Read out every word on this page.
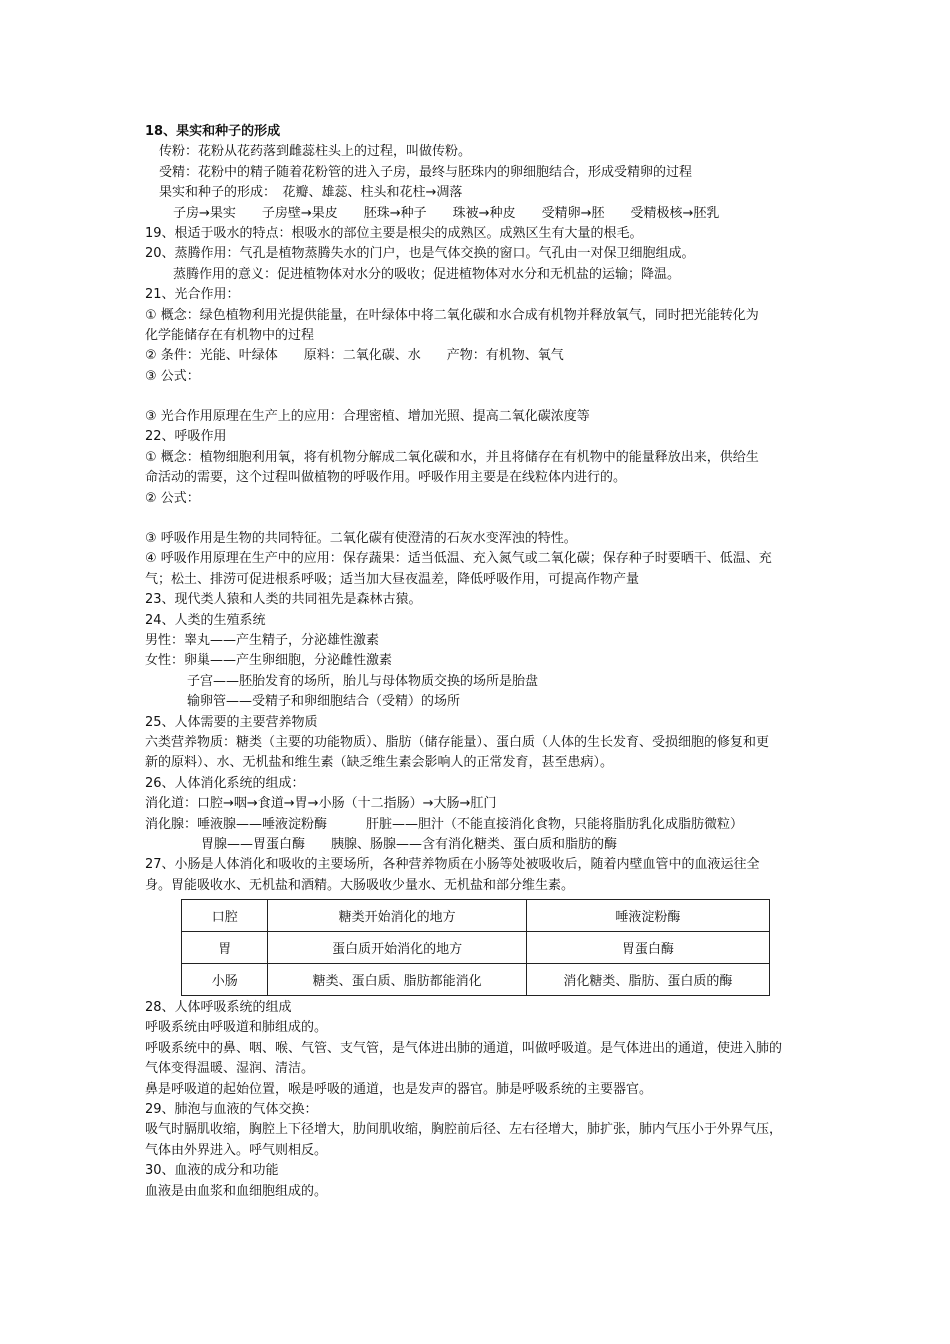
18、果实和种子的形成
传粉：花粉从花药落到雌蕊柱头上的过程，叫做传粉。
受精：花粉中的精子随着花粉管的进入子房，最终与胚珠内的卵细胞结合，形成受精卵的过程
果实和种子的形成：　花瓣、雄蕊、柱头和花柱→凋落
子房→果实　　子房壁→果皮　　胚珠→种子　　珠被→种皮　　受精卵→胚　　受精极核→胚乳
19、根适于吸水的特点：根吸水的部位主要是根尖的成熟区。成熟区生有大量的根毛。
20、蒸腾作用：气孔是植物蒸腾失水的门户，也是气体交换的窗口。气孔由一对保卫细胞组成。
蒸腾作用的意义：促进植物体对水分的吸收；促进植物体对水分和无机盐的运输；降温。
21、光合作用：
① 概念：绿色植物利用光提供能量，在叶绿体中将二氧化碳和水合成有机物并释放氧气，同时把光能转化为
化学能储存在有机物中的过程
② 条件：光能、叶绿体　　原料：二氧化碳、水　　产物：有机物、氧气
③ 公式：
③ 光合作用原理在生产上的应用：合理密植、增加光照、提高二氧化碳浓度等
22、呼吸作用
① 概念：植物细胞利用氧，将有机物分解成二氧化碳和水，并且将储存在有机物中的能量释放出来，供给生
命活动的需要，这个过程叫做植物的呼吸作用。呼吸作用主要是在线粒体内进行的。
② 公式：
③ 呼吸作用是生物的共同特征。二氧化碳有使澄清的石灰水变浑浊的特性。
④ 呼吸作用原理在生产中的应用：保存蔬果：适当低温、充入氮气或二氧化碳；保存种子时要晒干、低温、充
气；松土、排涝可促进根系呼吸；适当加大昼夜温差，降低呼吸作用，可提高作物产量
23、现代类人猿和人类的共同祖先是森林古猿。
24、人类的生殖系统
男性：睾丸——产生精子，分泌雄性激素
女性：卵巢——产生卵细胞，分泌雌性激素
子宫——胚胎发育的场所，胎儿与母体物质交换的场所是胎盘
输卵管——受精子和卵细胞结合（受精）的场所
25、人体需要的主要营养物质
六类营养物质：糖类（主要的功能物质）、脂肪（储存能量）、蛋白质（人体的生长发育、受损细胞的修复和更
新的原料）、水、无机盐和维生素（缺乏维生素会影响人的正常发育，甚至患病）。
26、人体消化系统的组成：
消化道：口腔→咽→食道→胃→小肠（十二指肠）→大肠→肛门
消化腺：唾液腺——唾液淀粉酶　　　肝脏——胆汁（不能直接消化食物，只能将脂肪乳化成脂肪微粒）
胃腺——胃蛋白酶　　胰腺、肠腺——含有消化糖类、蛋白质和脂肪的酶
27、小肠是人体消化和吸收的主要场所，各种营养物质在小肠等处被吸收后，随着内壁血管中的血液运往全
身。胃能吸收水、无机盐和酒精。大肠吸收少量水、无机盐和部分维生素。
口腔	糖类开始消化的地方	唾液淀粉酶
胃	蛋白质开始消化的地方	胃蛋白酶
小肠	糖类、蛋白质、脂肪都能消化	消化糖类、脂肪、蛋白质的酶
28、人体呼吸系统的组成
呼吸系统由呼吸道和肺组成的。
呼吸系统中的鼻、咽、喉、气管、支气管，是气体进出肺的通道，叫做呼吸道。是气体进出的通道，使进入肺的
气体变得温暖、湿润、清洁。
鼻是呼吸道的起始位置，喉是呼吸的通道，也是发声的器官。肺是呼吸系统的主要器官。
29、肺泡与血液的气体交换：
吸气时膈肌收缩，胸腔上下径增大，肋间肌收缩，胸腔前后径、左右径增大，肺扩张，肺内气压小于外界气压，
气体由外界进入。呼气则相反。
30、血液的成分和功能
血液是由血浆和血细胞组成的。
